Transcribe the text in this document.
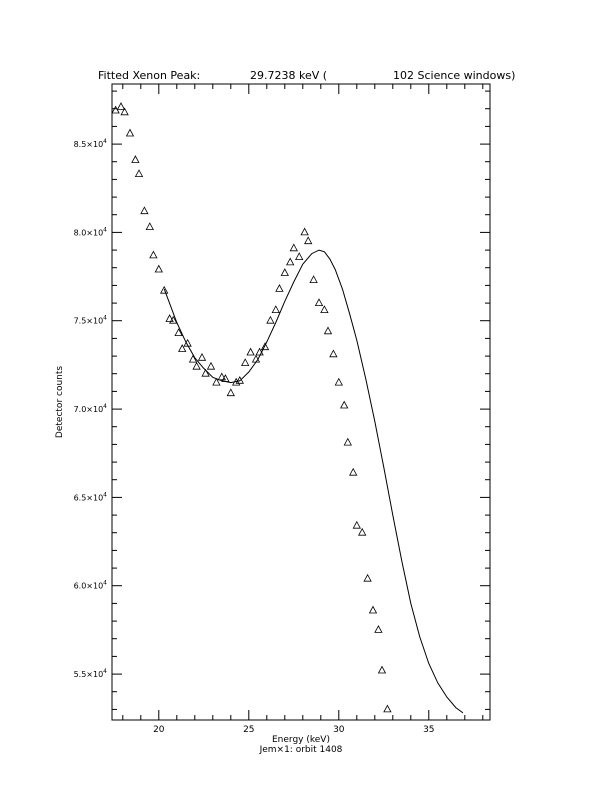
Fitted Xenon Peak:	29.7238 keV (	102 Science windows)
20	25	30	35
$5.5\times 10^4$
$6.0\times 10^4$
$6.5\times 10^4$
$7.0\times 10^4$
$7.5\times 10^4$
$8.0\times 10^4$
$8.5\times 10^4$
Energy (keV)
Jem×1: orbit 1408
Detector counts
